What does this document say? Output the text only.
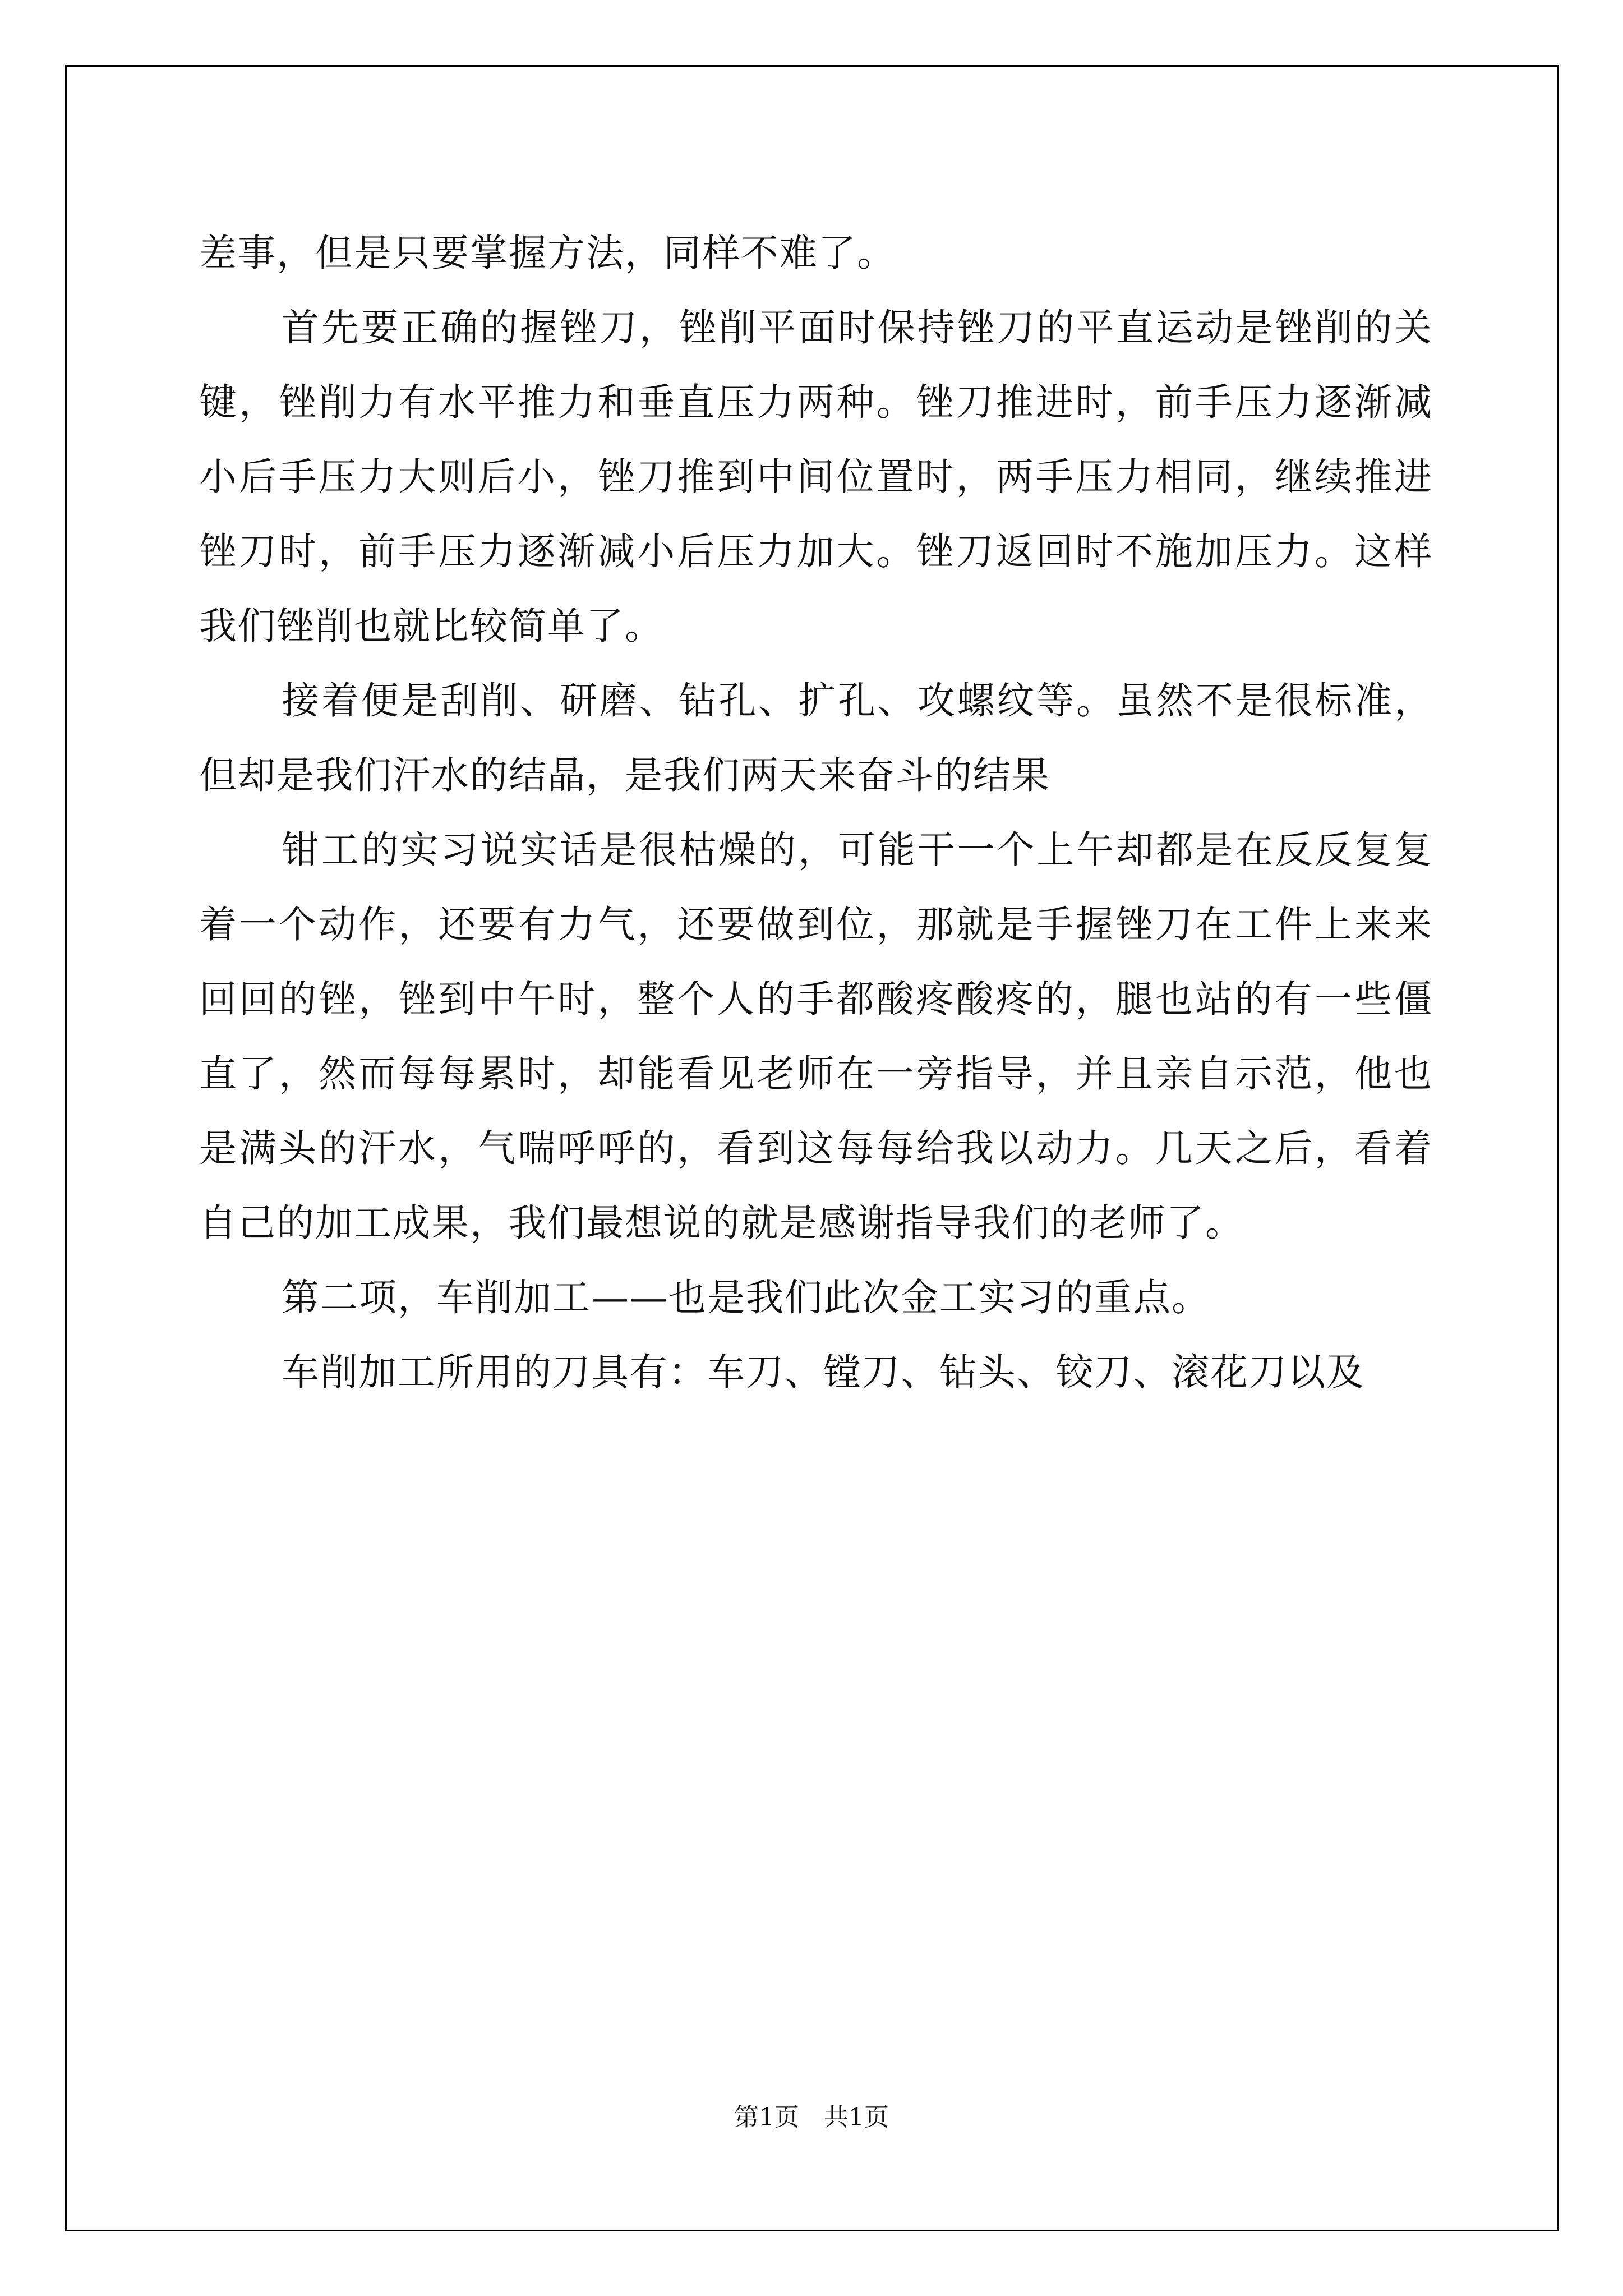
差事，但是只要掌握方法，同样不难了。

首先要正确的握锉刀，锉削平面时保持锉刀的平直运动是锉削的关键，锉削力有水平推力和垂直压力两种。锉刀推进时，前手压力逐渐减小后手压力大则后小，锉刀推到中间位置时，两手压力相同，继续推进锉刀时，前手压力逐渐减小后压力加大。锉刀返回时不施加压力。这样我们锉削也就比较简单了。

接着便是刮削、研磨、钻孔、扩孔、攻螺纹等。虽然不是很标准，但却是我们汗水的结晶，是我们两天来奋斗的结果

钳工的实习说实话是很枯燥的，可能干一个上午却都是在反反复复着一个动作，还要有力气，还要做到位，那就是手握锉刀在工件上来来回回的锉，锉到中午时，整个人的手都酸疼酸疼的，腿也站的有一些僵直了，然而每每累时，却能看见老师在一旁指导，并且亲自示范，他也是满头的汗水，气喘呼呼的，看到这每每给我以动力。几天之后，看着自己的加工成果，我们最想说的就是感谢指导我们的老师了。

第二项，车削加工——也是我们此次金工实习的重点。

车削加工所用的刀具有：车刀、镗刀、钻头、铰刀、滚花刀以及

第1页　共1页
